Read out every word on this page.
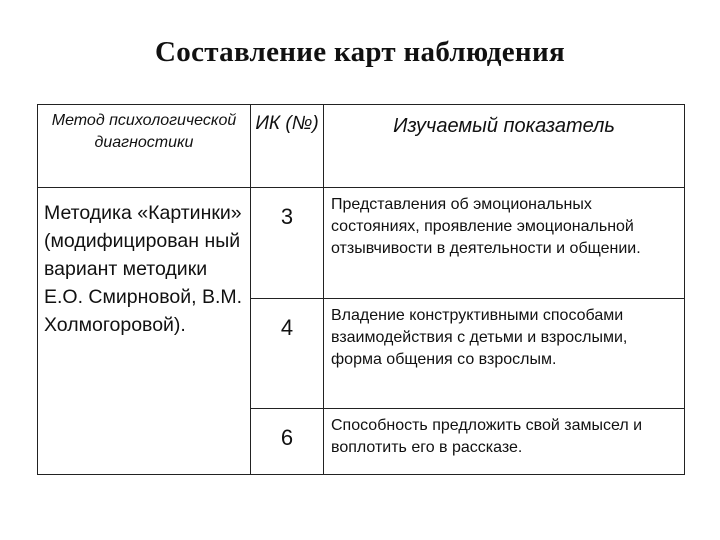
Составление карт наблюдения
Метод психологической диагностики	ИК (№)	Изучаемый показатель
Методика «Картинки» (модифицирован ный вариант методики Е.О. Смирновой, В.М. Холмогоровой).	3	Представления об эмоциональных состояниях, проявление эмоциональной отзывчивости в деятельности и общении.
	4	Владение конструктивными способами взаимодействия с детьми и взрослыми, форма общения со взрослым.
	6	Способность предложить свой замысел и воплотить его в рассказе.
